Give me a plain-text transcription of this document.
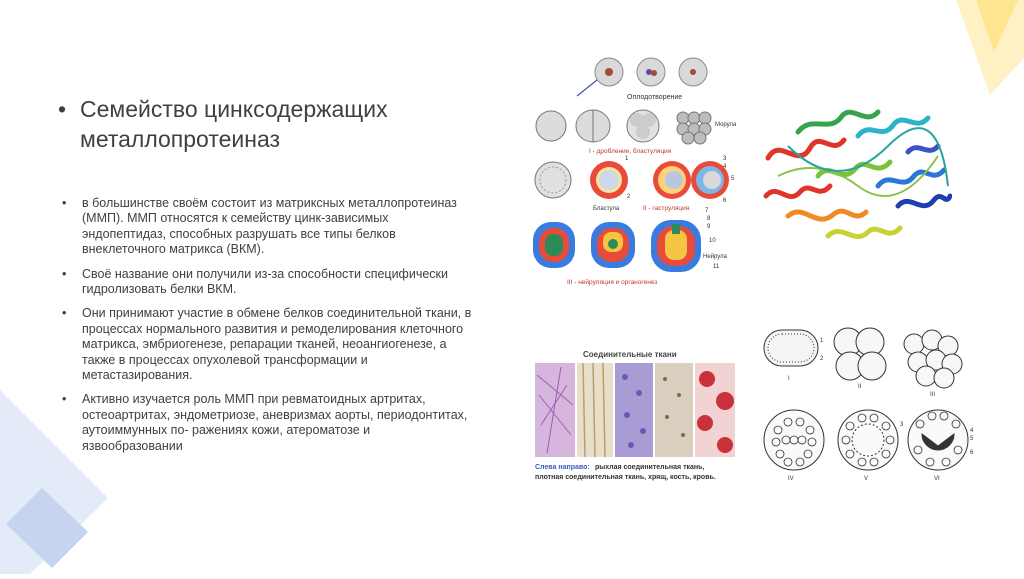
• Семейство цинксодержащих металлопротеиназ
• в большинстве своём состоит из матриксных металлопротеиназ (ММП). ММП относятся к семейству цинк-зависимых эндопептидаз, способных разрушать все типы белков внеклеточного матрикса (ВКМ).
• Своё название они получили из-за способности специфически гидролизовать белки ВКМ.
• Они принимают участие в обмене белков соединительной ткани, в процессах нормального развития и ремоделирования клеточного матрикса, эмбриогенезе, репарации тканей, неоангиогенезе, а также в процессах опухолевой трансформации и метастазирования.
• Активно изучается роль ММП при ревматоидных артритах, остеоартритах, эндометриозе, аневризмах аорты, периодонтитах, аутоиммунных по- ражениях кожи, атероматозе и язвообразовании
Оплодотворение
Морула
I - дробление, бластуляция
Бластула	II - гаструляция
Нейрула
III - нейруляция и органогенез
1
2
3
4
5
6
7
8
9
10
11
Соединительные ткани
Слева направо: рыхлая соединительная ткань,
плотная соединительная ткань, хрящ, кость, кровь.
1
2
I
II
III
IV
3
V
4
5
6
VI
